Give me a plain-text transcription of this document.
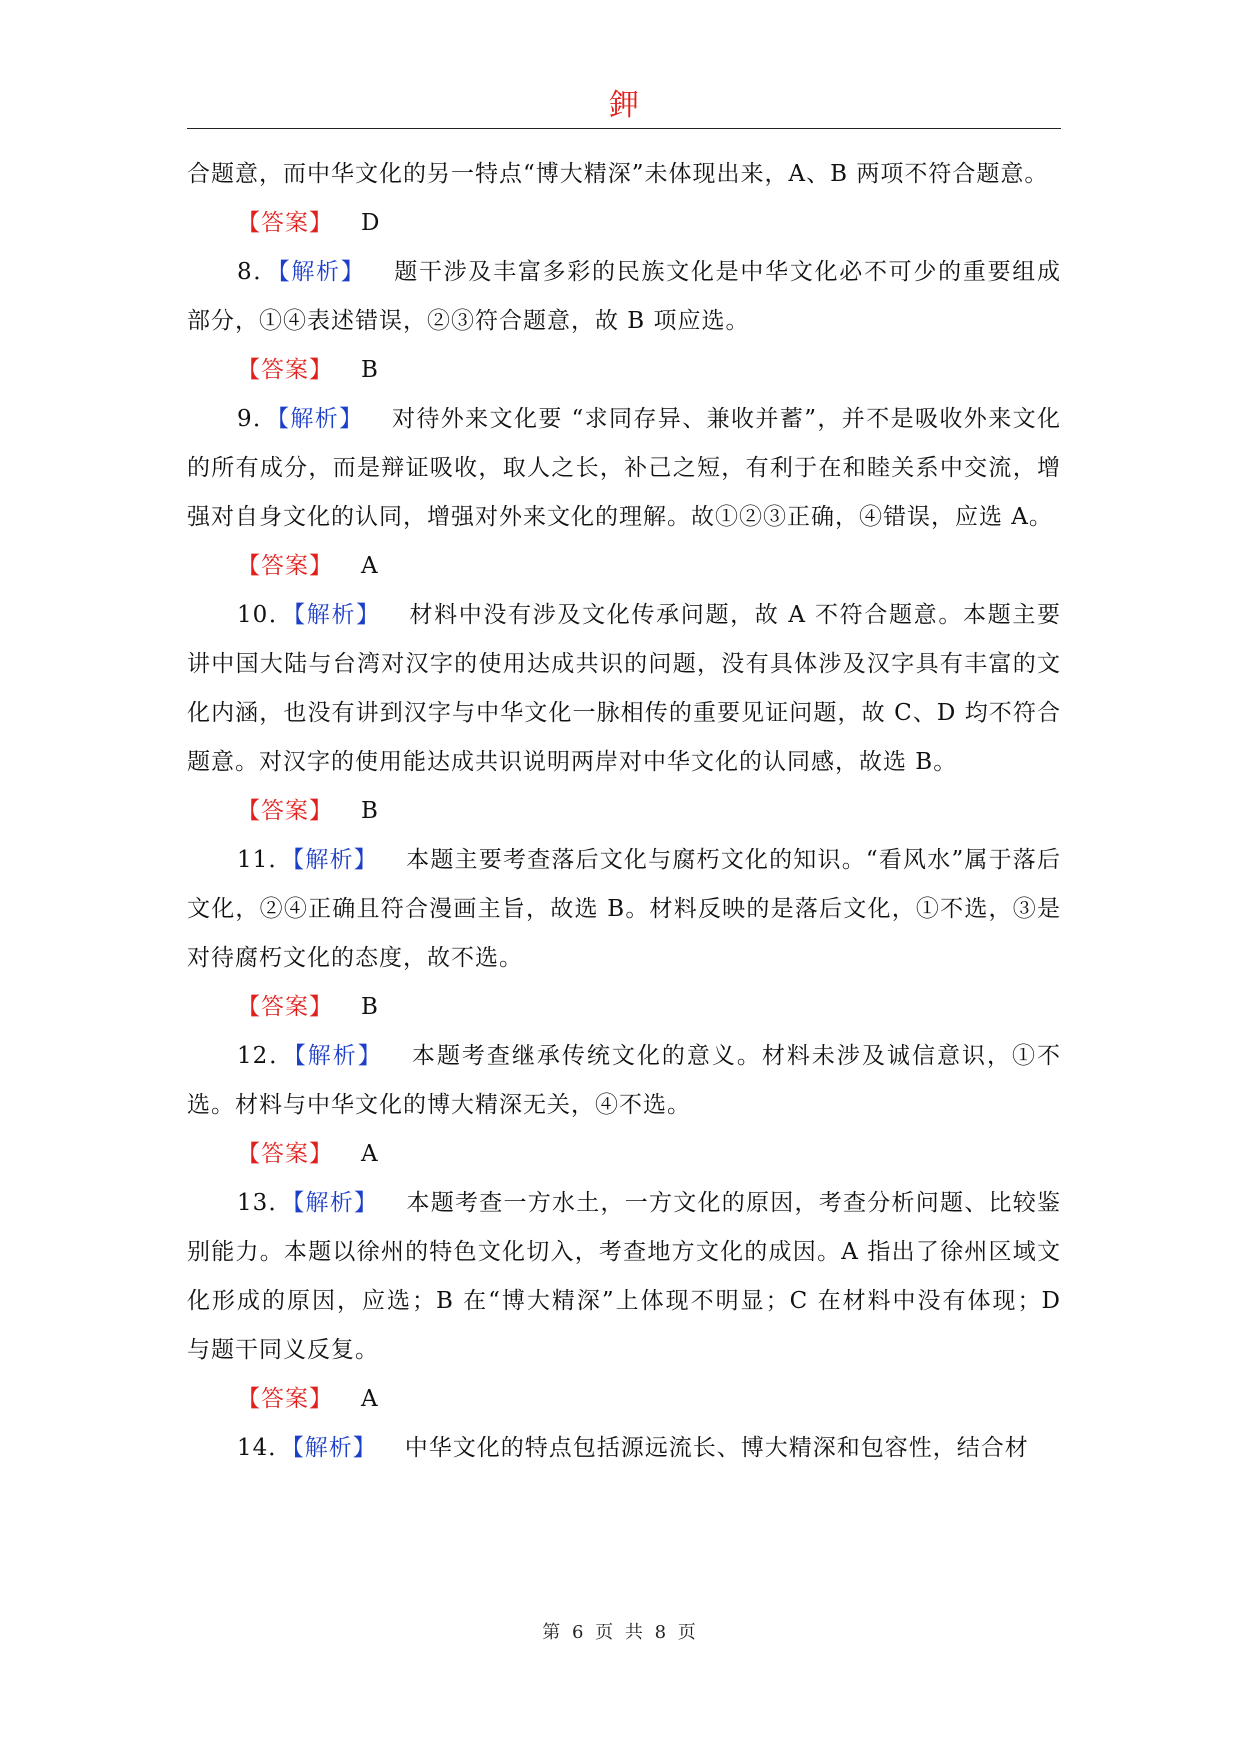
鉀

合题意，而中华文化的另一特点“博大精深”未体现出来，A、B 两项不符合题意。

【答案】 D

8．【解析】 题干涉及丰富多彩的民族文化是中华文化必不可少的重要组成部分，①④表述错误，②③符合题意，故 B 项应选。

【答案】 B

9．【解析】 对待外来文化要 “求同存异、兼收并蓄”，并不是吸收外来文化的所有成分，而是辩证吸收，取人之长，补己之短，有利于在和睦关系中交流，增强对自身文化的认同，增强对外来文化的理解。故①②③正确，④错误，应选 A。

【答案】 A

10．【解析】 材料中没有涉及文化传承问题，故 A 不符合题意。本题主要讲中国大陆与台湾对汉字的使用达成共识的问题，没有具体涉及汉字具有丰富的文化内涵，也没有讲到汉字与中华文化一脉相传的重要见证问题，故 C、D 均不符合题意。对汉字的使用能达成共识说明两岸对中华文化的认同感，故选 B。

【答案】 B

11．【解析】 本题主要考查落后文化与腐朽文化的知识。“看风水”属于落后文化，②④正确且符合漫画主旨，故选 B。材料反映的是落后文化，①不选，③是对待腐朽文化的态度，故不选。

【答案】 B

12．【解析】 本题考查继承传统文化的意义。材料未涉及诚信意识，①不选。材料与中华文化的博大精深无关，④不选。

【答案】 A

13．【解析】 本题考查一方水土，一方文化的原因，考查分析问题、比较鉴别能力。本题以徐州的特色文化切入，考查地方文化的成因。A 指出了徐州区域文化形成的原因，应选；B 在“博大精深”上体现不明显；C 在材料中没有体现；D 与题干同义反复。

【答案】 A

14．【解析】 中华文化的特点包括源远流长、博大精深和包容性，结合材

第 6 页 共 8 页
